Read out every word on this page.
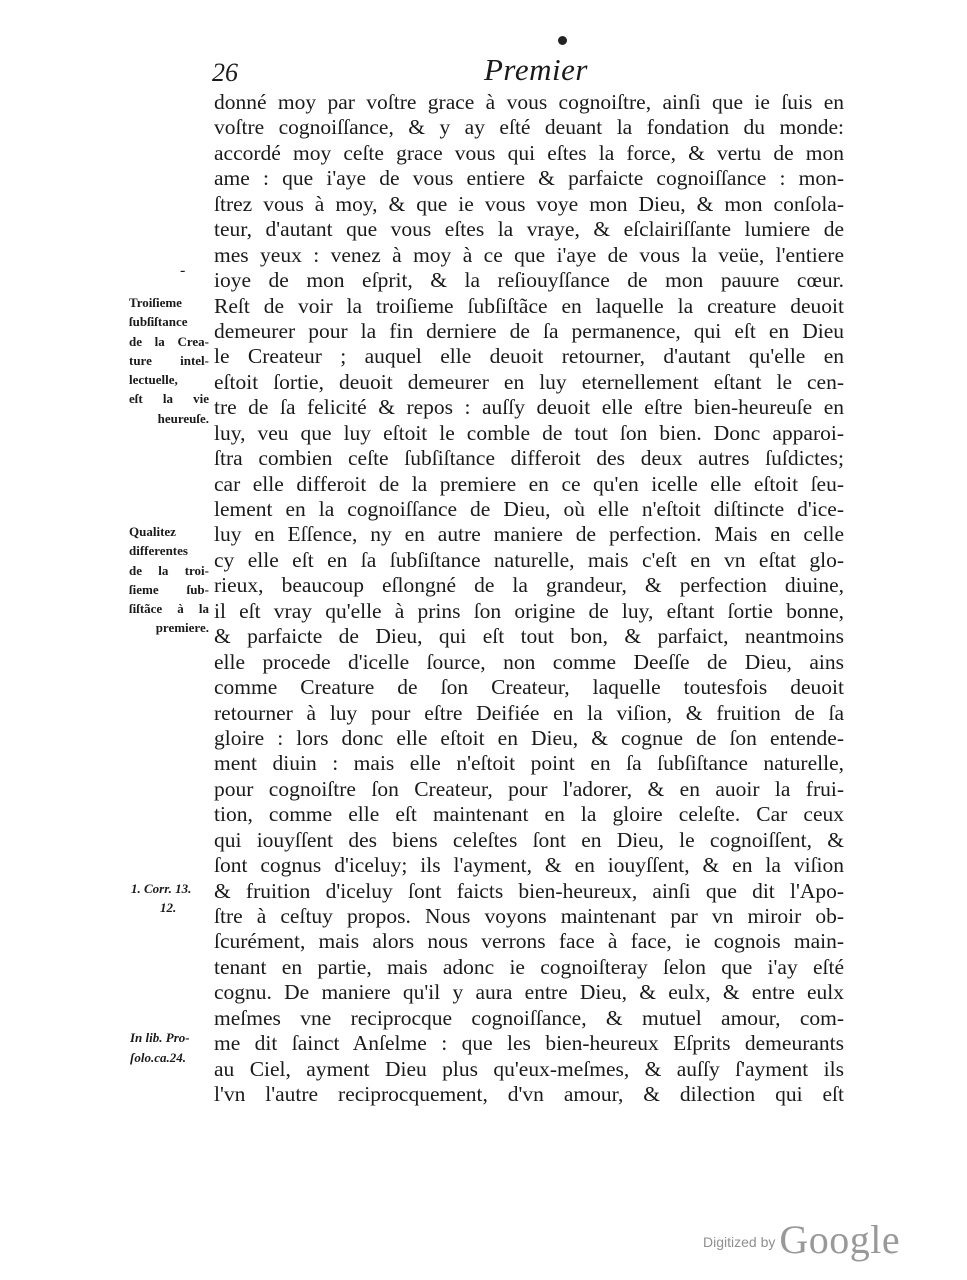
26	Premier
donné moy par voſtre grace à vous cognoiſtre, ainſi que ie ſuis en
voſtre cognoiſſance, & y ay eſté deuant la fondation du monde:
accordé moy ceſte grace vous qui eſtes la force, & vertu de mon
ame : que i'aye de vous entiere & parfaicte cognoiſſance : mon-
ſtrez vous à moy, & que ie vous voye mon Dieu, & mon conſola-
teur, d'autant que vous eſtes la vraye, & eſclairiſſante lumiere de
mes yeux : venez à moy à ce que i'aye de vous la veüe, l'entiere
ioye de mon eſprit, & la reſiouyſſance de mon pauure cœur.
Reſt de voir la troiſieme ſubſiſtãce en laquelle la creature deuoit
demeurer pour la fin derniere de ſa permanence, qui eſt en Dieu
le Createur ; auquel elle deuoit retourner, d'autant qu'elle en
eſtoit ſortie, deuoit demeurer en luy eternellement eſtant le cen-
tre de ſa felicité & repos : auſſy deuoit elle eſtre bien-heureuſe en
luy, veu que luy eſtoit le comble de tout ſon bien. Donc apparoi-
ſtra combien ceſte ſubſiſtance differoit des deux autres ſuſdictes;
car elle differoit de la premiere en ce qu'en icelle elle eſtoit ſeu-
lement en la cognoiſſance de Dieu, où elle n'eſtoit diſtincte d'ice-
luy en Eſſence, ny en autre maniere de perfection. Mais en celle
cy elle eſt en ſa ſubſiſtance naturelle, mais c'eſt en vn eſtat glo-
rieux, beaucoup eſlongné de la grandeur, & perfection diuine,
il eſt vray qu'elle à prins ſon origine de luy, eſtant ſortie bonne,
& parfaicte de Dieu, qui eſt tout bon, & parfaict, neantmoins
elle procede d'icelle ſource, non comme Deeſſe de Dieu, ains
comme Creature de ſon Createur, laquelle toutesfois deuoit
retourner à luy pour eſtre Deifiée en la viſion, & fruition de ſa
gloire : lors donc elle eſtoit en Dieu, & cognue de ſon entende-
ment diuin : mais elle n'eſtoit point en ſa ſubſiſtance naturelle,
pour cognoiſtre ſon Createur, pour l'adorer, & en auoir la frui-
tion, comme elle eſt maintenant en la gloire celeſte. Car ceux
qui iouyſſent des biens celeſtes ſont en Dieu, le cognoiſſent, &
ſont cognus d'iceluy; ils l'ayment, & en iouyſſent, & en la viſion
& fruition d'iceluy ſont faicts bien-heureux, ainſi que dit l'Apo-
ſtre à ceſtuy propos. Nous voyons maintenant par vn miroir ob-
ſcurément, mais alors nous verrons face à face, ie cognois main-
tenant en partie, mais adonc ie cognoiſteray ſelon que i'ay eſté
cognu. De maniere qu'il y aura entre Dieu, & eulx, & entre eulx
meſmes vne reciprocque cognoiſſance, & mutuel amour, com-
me dit ſainct Anſelme : que les bien-heureux Eſprits demeurants
au Ciel, ayment Dieu plus qu'eux-meſmes, & auſſy ſ'ayment ils
l'vn l'autre reciprocquement, d'vn amour, & dilection qui eſt
-
Troiſieme
ſubſiſtance
de la Crea-
ture intel-
lectuelle,
eſt la vie
heureuſe.
Qualitez
differentes
de la troi-
ſieme ſub-
ſiſtãce à la
premiere.
1. Corr. 13.
12.
In lib. Pro-
ſolo.ca.24.
Digitized by Google
